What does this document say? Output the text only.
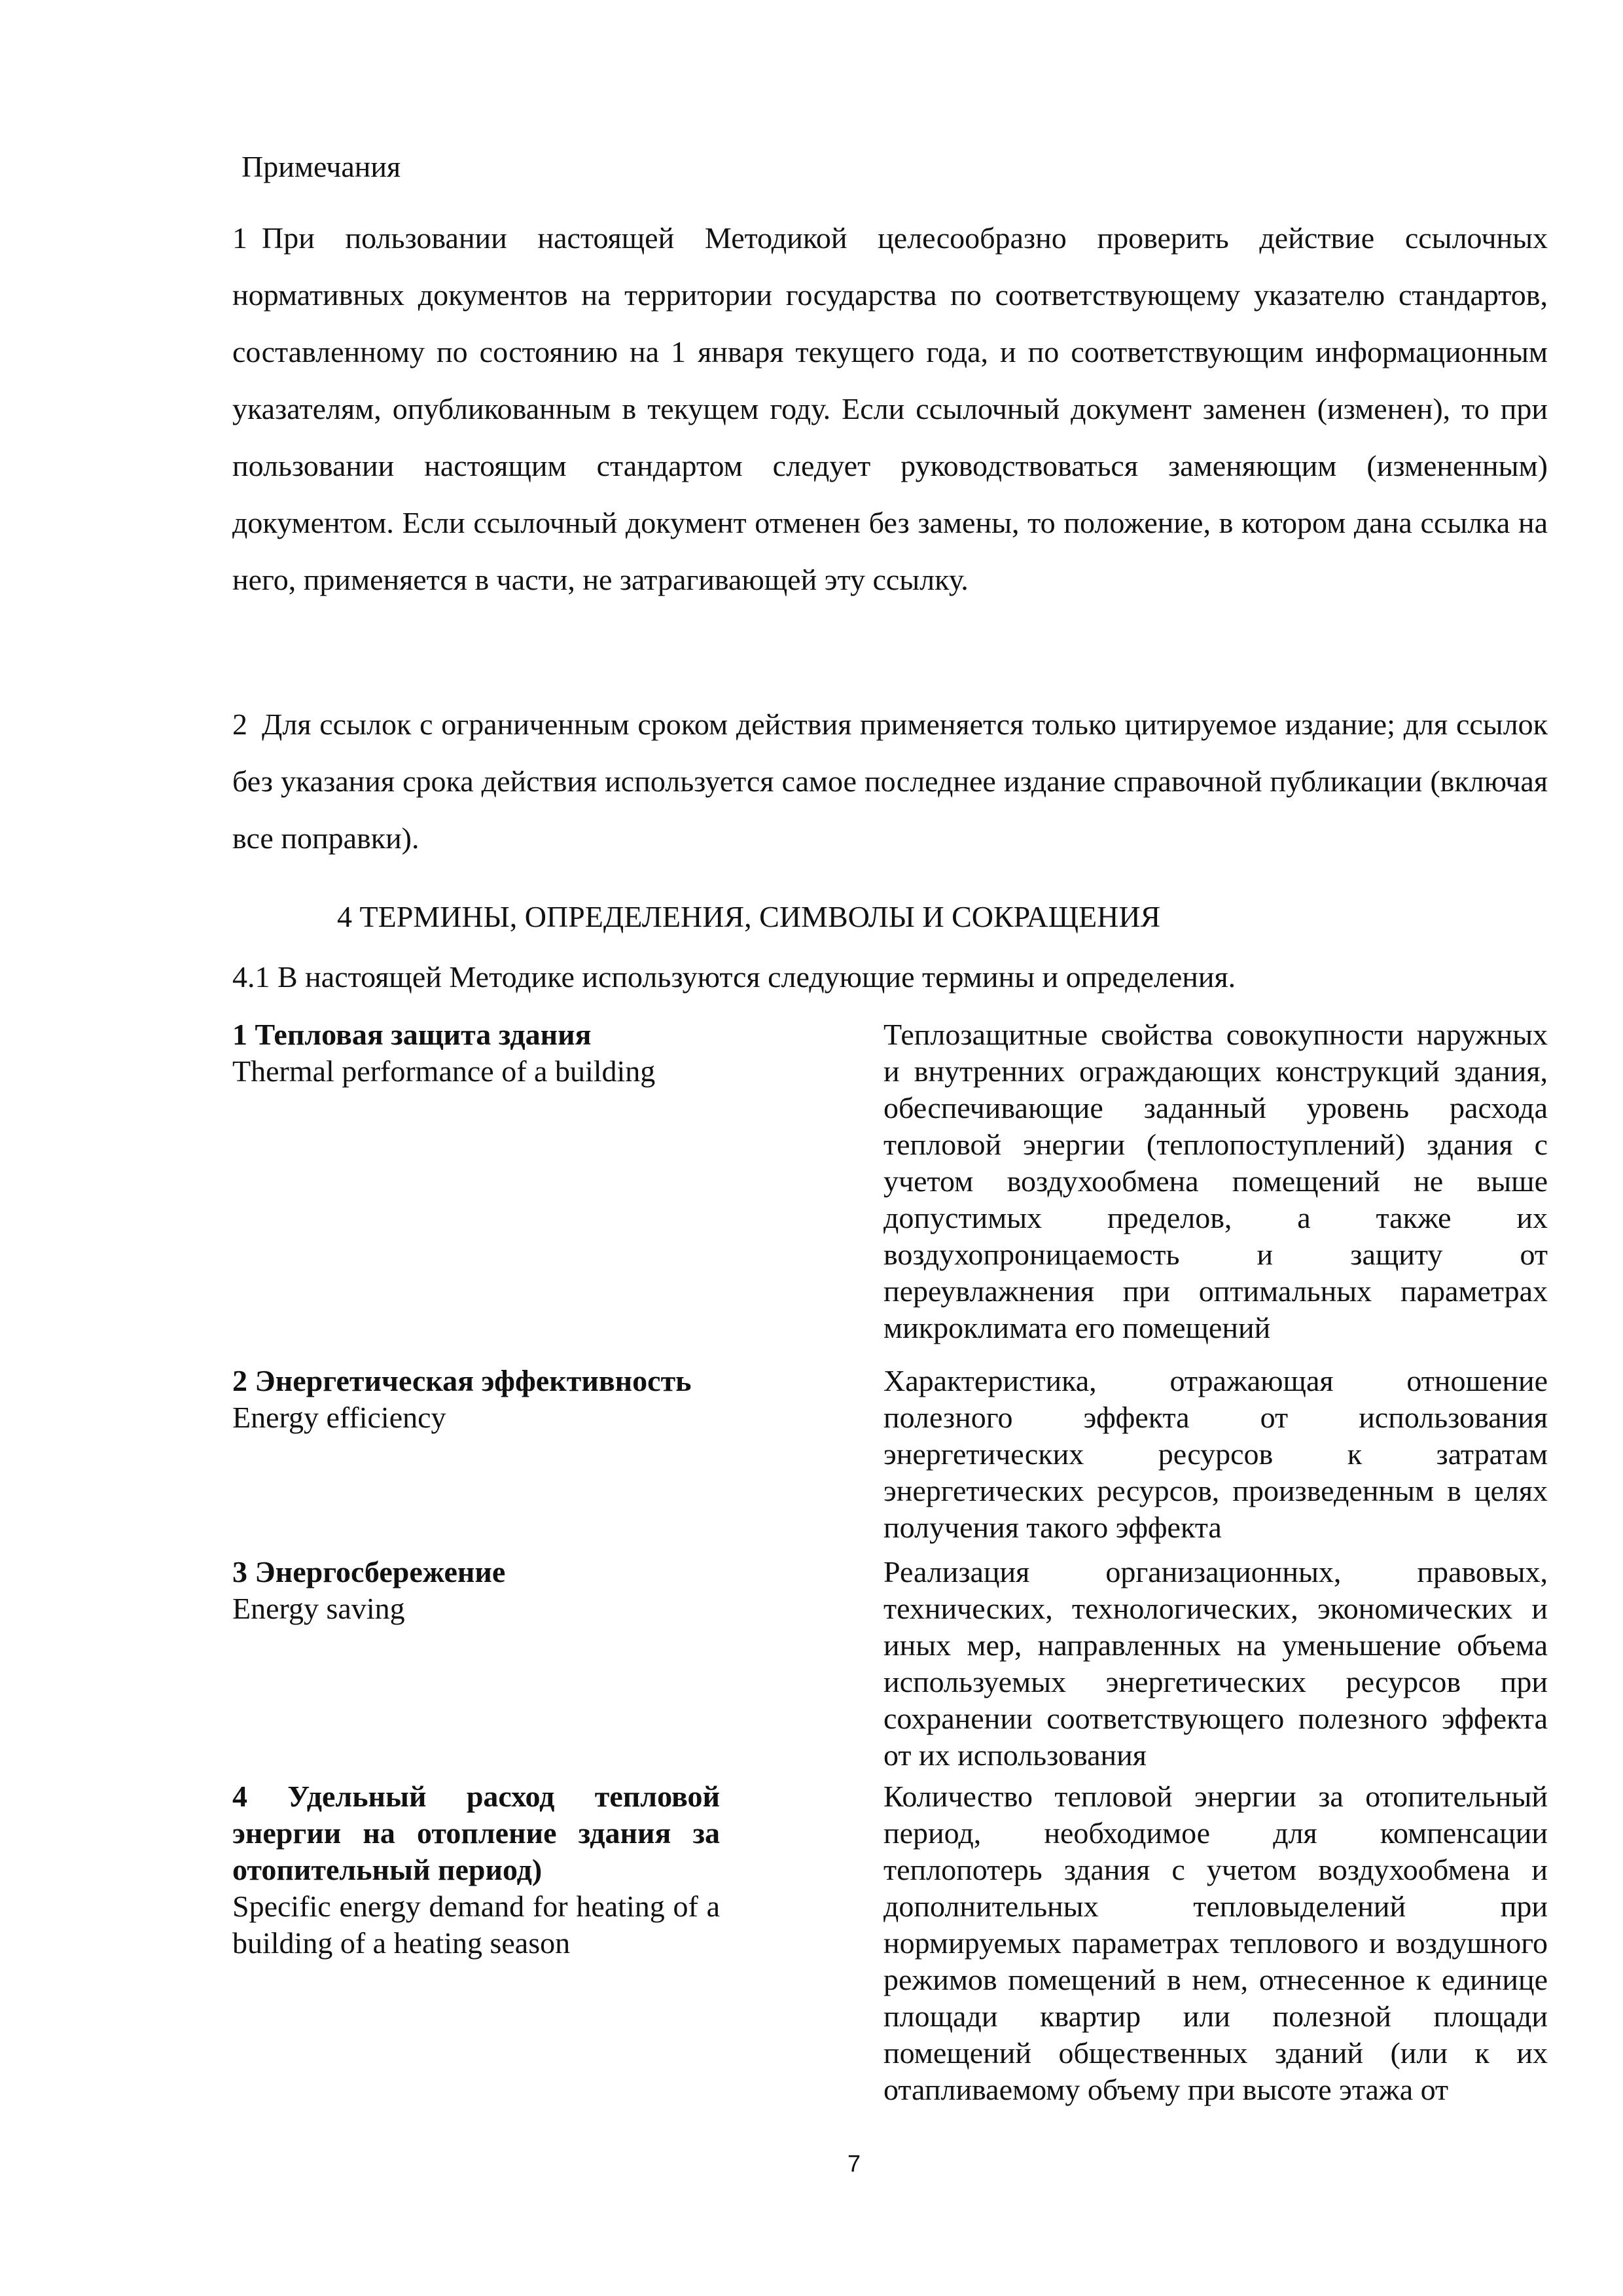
Примечания
1 При пользовании настоящей Методикой целесообразно проверить действие ссылочных нормативных документов на территории государства по соответствующему указателю стандартов, составленному по состоянию на 1 января текущего года, и по соответствующим информационным указателям, опубликованным в текущем году. Если ссылочный документ заменен (изменен), то при пользовании настоящим стандартом следует руководствоваться заменяющим (измененным) документом. Если ссылочный документ отменен без замены, то положение, в котором дана ссылка на него, применяется в части, не затрагивающей эту ссылку.
2 Для ссылок с ограниченным сроком действия применяется только цитируемое издание; для ссылок без указания срока действия используется самое последнее издание справочной публикации (включая все поправки).
4 ТЕРМИНЫ, ОПРЕДЕЛЕНИЯ, СИМВОЛЫ И СОКРАЩЕНИЯ
4.1 В настоящей Методике используются следующие термины и определения.
1 Тепловая защита здания
Thermal performance of a building
Теплозащитные свойства совокупности наружных и внутренних ограждающих конструкций здания, обеспечивающие заданный уровень расхода тепловой энергии (теплопоступлений) здания с учетом воздухообмена помещений не выше допустимых пределов, а также их воздухопроницаемость и защиту от переувлажнения при оптимальных параметрах микроклимата его помещений
2 Энергетическая эффективность
Energy efficiency
Характеристика, отражающая отношение полезного эффекта от использования энергетических ресурсов к затратам энергетических ресурсов, произведенным в целях получения такого эффекта
3 Энергосбережение
Energy saving
Реализация организационных, правовых, технических, технологических, экономических и иных мер, направленных на уменьшение объема используемых энергетических ресурсов при сохранении соответствующего полезного эффекта от их использования
4 Удельный расход тепловой энергии на отопление здания за отопительный период)
Specific energy demand for heating of a building of a heating season
Количество тепловой энергии за отопительный период, необходимое для компенсации теплопотерь здания с учетом воздухообмена и дополнительных тепловыделений при нормируемых параметрах теплового и воздушного режимов помещений в нем, отнесенное к единице площади квартир или полезной площади помещений общественных зданий (или к их отапливаемому объему при высоте этажа от
7
